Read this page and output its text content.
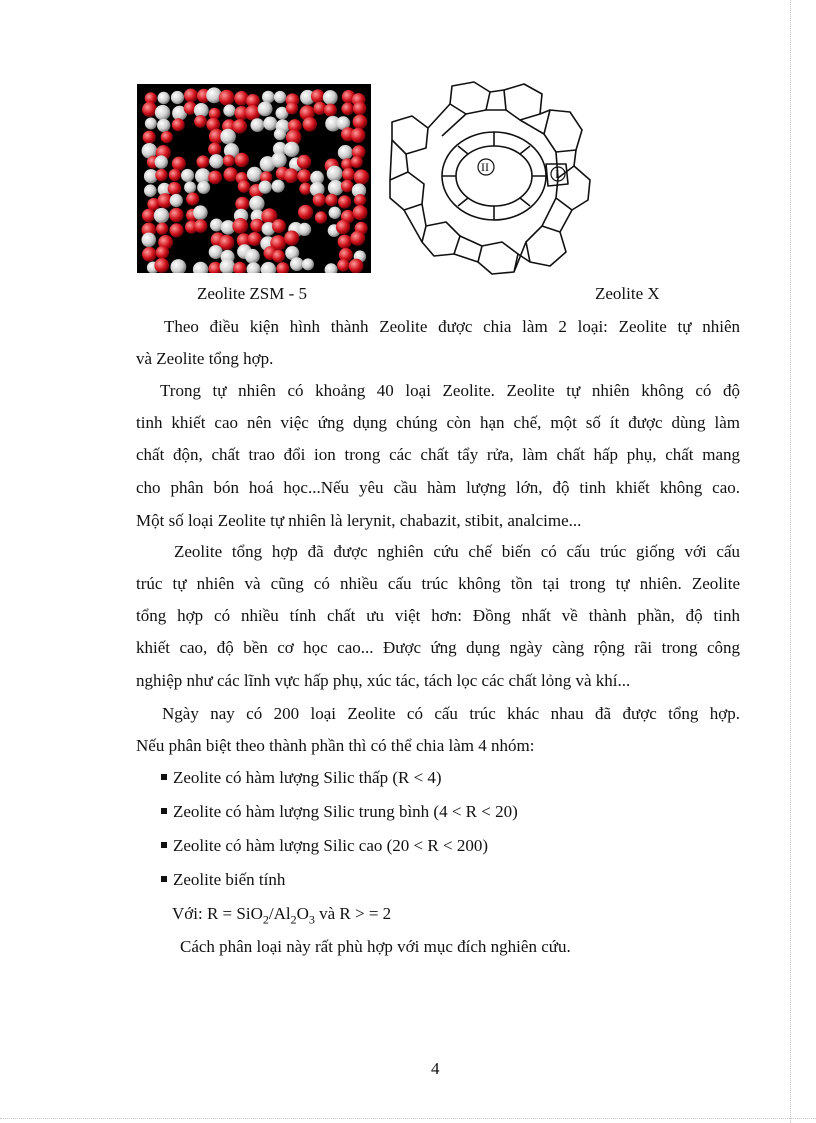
II	I
Zeolite ZSM - 5	Zeolite X
Theo điều kiện hình thành Zeolite được chia làm 2 loại: Zeolite tự nhiên
và Zeolite tổng hợp.
Trong tự nhiên có khoảng 40 loại Zeolite. Zeolite tự nhiên không có độ
tinh khiết cao nên việc ứng dụng chúng còn hạn chế, một số ít được dùng làm
chất độn, chất trao đổi ion trong các chất tẩy rửa, làm chất hấp phụ, chất mang
cho phân bón hoá học...Nếu yêu cầu hàm lượng lớn, độ tinh khiết không cao.
Một số loại Zeolite tự nhiên là lerynit, chabazit, stibit, analcime...
Zeolite tổng hợp đã được nghiên cứu chế biến có cấu trúc giống với cấu
trúc tự nhiên và cũng có nhiều cấu trúc không tồn tại trong tự nhiên. Zeolite
tổng hợp có nhiều tính chất ưu việt hơn: Đồng nhất về thành phần, độ tinh
khiết cao, độ bền cơ học cao... Được ứng dụng ngày càng rộng rãi trong công
nghiệp như các lĩnh vực hấp phụ, xúc tác, tách lọc các chất lỏng và khí...
Ngày nay có 200 loại Zeolite có cấu trúc khác nhau đã được tổng hợp.
Nếu phân biệt theo thành phần thì có thể chia làm 4 nhóm:
Zeolite có hàm lượng Silic thấp (R < 4)
Zeolite có hàm lượng Silic trung bình (4 < R < 20)
Zeolite có hàm lượng Silic cao (20 < R < 200)
Zeolite biến tính
Với: $R = SiO_2/Al_2O_3$ và R > = 2
Cách phân loại này rất phù hợp với mục đích nghiên cứu.
4
